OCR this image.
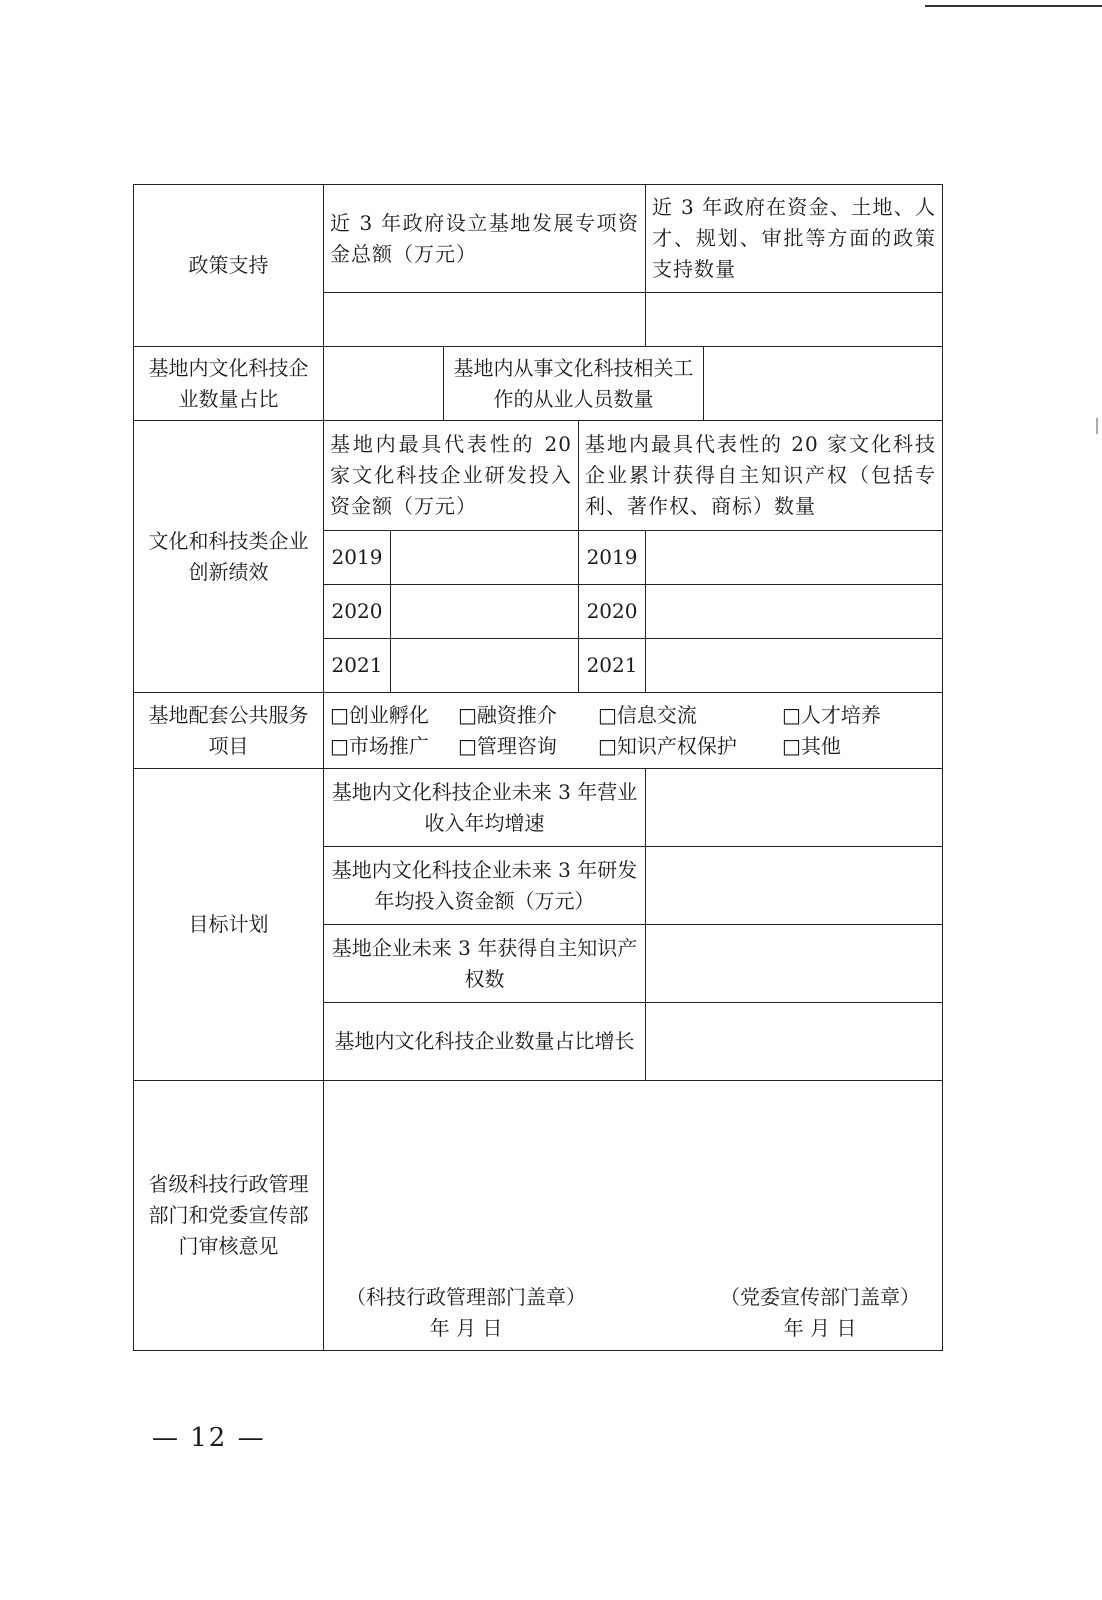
政策支持	近 3 年政府设立基地发展专项资金总额（万元）				近 3 年政府在资金、土地、人才、规划、审批等方面的政策支持数量	

基地内文化科技企业数量占比			基地内从事文化科技相关工作的从业人员数量			
文化和科技类企业创新绩效	基地内最具代表性的 20 家文化科技企业研发投入资金额（万元）			基地内最具代表性的 20 家文化科技企业累计获得自主知识产权（包括专利、著作权、商标）数量		
	2019			2019		
	2020			2020		
	2021			2021		
基地配套公共服务项目	□创业孵化 □融资推介 □信息交流 □人才培养
□市场推广 □管理咨询 □知识产权保护 □其他					
目标计划	基地内文化科技企业未来 3 年营业收入年均增速					
	基地内文化科技企业未来 3 年研发年均投入资金额（万元）					
	基地企业未来 3 年获得自主知识产权数					
	基地内文化科技企业数量占比增长					
省级科技行政管理部门和党委宣传部门审核意见	（科技行政管理部门盖章）
年 月 日
（党委宣传部门盖章）
年 月 日					
— 12 —
